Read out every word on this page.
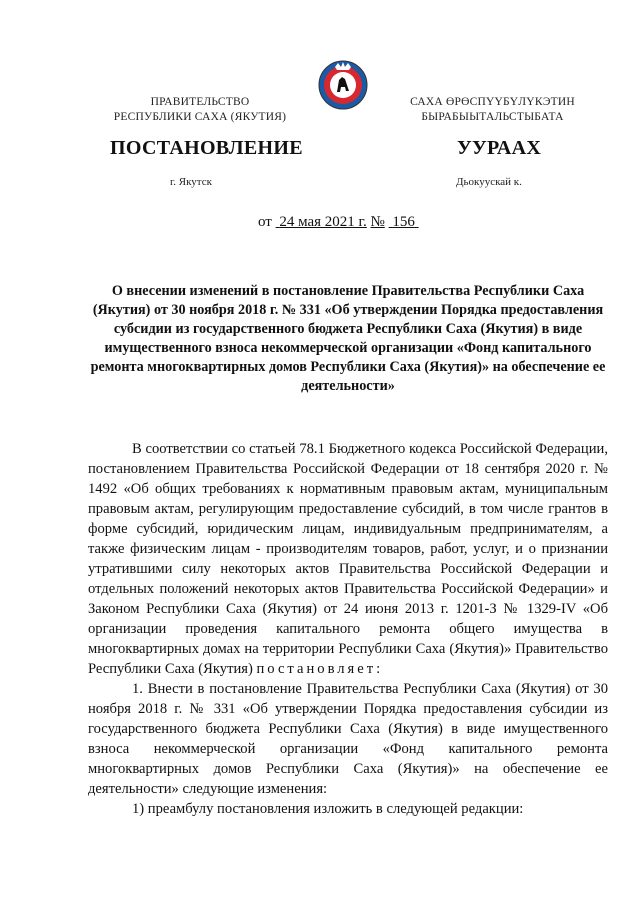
ПРАВИТЕЛЬСТВО
РЕСПУБЛИКИ САХА (ЯКУТИЯ)
САХА ӨРӨСПҮҮБҮЛҮКЭТИН
БЫРАБЫЫТАЛЬСТЫБАТА
ПОСТАНОВЛЕНИЕ	УУРААХ
г. Якутск	Дьокуускай к.
от 24 мая 2021 г. № 156
О внесении изменений в постановление Правительства Республики Саха (Якутия) от 30 ноября 2018 г. № 331 «Об утверждении Порядка предоставления субсидии из государственного бюджета Республики Саха (Якутия) в виде имущественного взноса некоммерческой организации «Фонд капитального ремонта многоквартирных домов Республики Саха (Якутия)» на обеспечение ее деятельности»

В соответствии со статьей 78.1 Бюджетного кодекса Российской Федерации, постановлением Правительства Российской Федерации от 18 сентября 2020 г. № 1492 «Об общих требованиях к нормативным правовым актам, муниципальным правовым актам, регулирующим предоставление субсидий, в том числе грантов в форме субсидий, юридическим лицам, индивидуальным предпринимателям, а также физическим лицам - производителям товаров, работ, услуг, и о признании утратившими силу некоторых актов Правительства Российской Федерации и отдельных положений некоторых актов Правительства Российской Федерации» и Законом Республики Саха (Якутия) от 24 июня 2013 г. 1201-З № 1329-IV «Об организации проведения капитального ремонта общего имущества в многоквартирных домах на территории Республики Саха (Якутия)» Правительство Республики Саха (Якутия) постановляет:

1. Внести в постановление Правительства Республики Саха (Якутия) от 30 ноября 2018 г. № 331 «Об утверждении Порядка предоставления субсидии из государственного бюджета Республики Саха (Якутия) в виде имущественного взноса некоммерческой организации «Фонд капитального ремонта многоквартирных домов Республики Саха (Якутия)» на обеспечение ее деятельности» следующие изменения:

1) преамбулу постановления изложить в следующей редакции:
